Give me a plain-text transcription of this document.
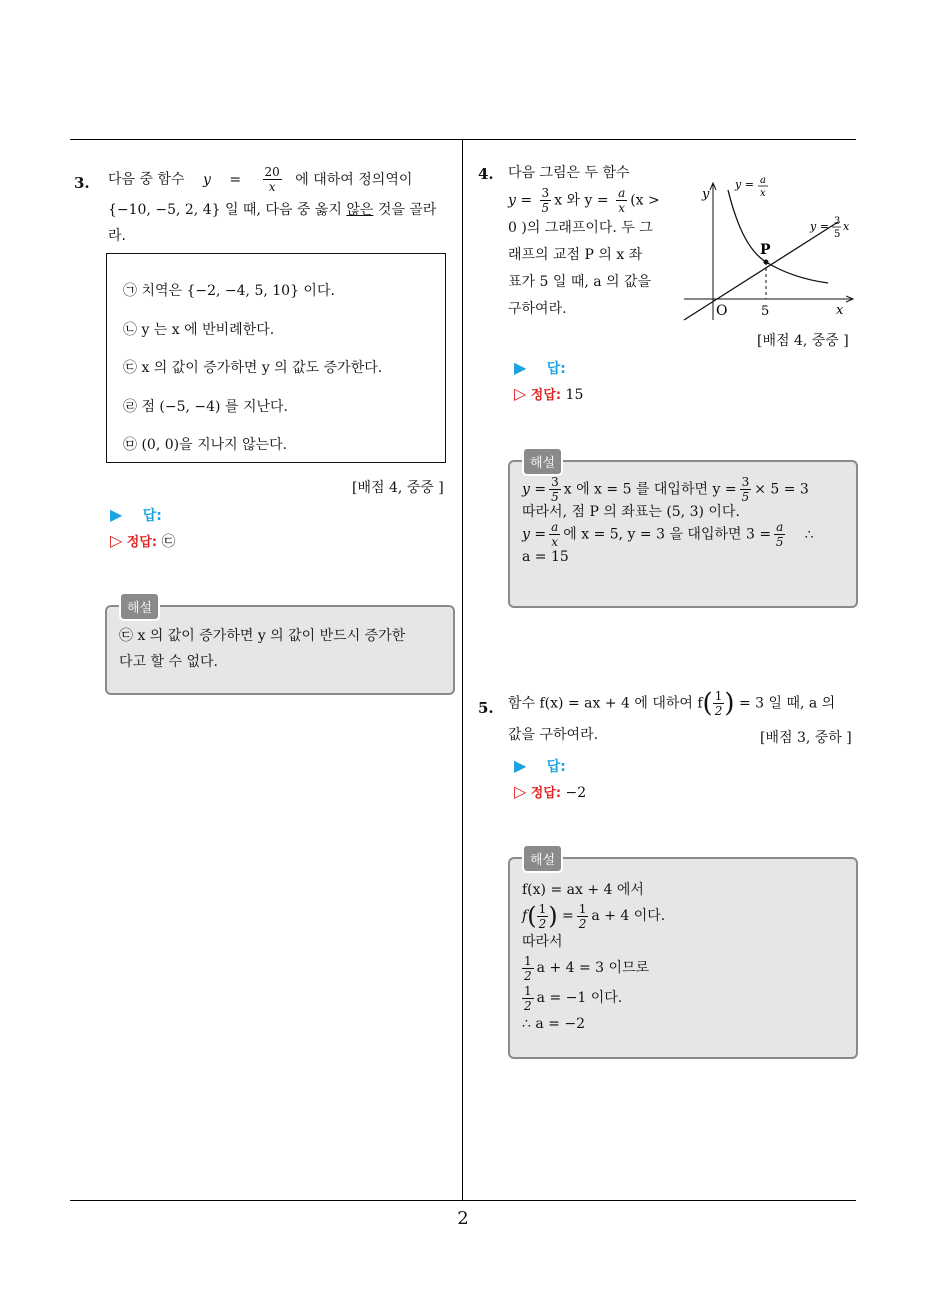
3. 다음 중 함수 $y = \frac{20}{x}$ 에 대하여 정의역이
{−10, −5, 2, 4} 일 때, 다음 중 옳지 않은 것을 골라
라.
㉠ 치역은 {−2, −4, 5, 10} 이다.
㉡ y 는 x 에 반비례한다.
㉢ x 의 값이 증가하면 y 의 값도 증가한다.
㉣ 점 (−5, −4) 를 지난다.
㉤ (0, 0)을 지나지 않는다.
[배점 4, 중중 ]
▶ 답:
▷ 정답: ㉢
해설
㉢ x 의 값이 증가하면 y 의 값이 반드시 증가한
다고 할 수 없다.
4. 다음 그림은 두 함수
$y = \frac{3}{5}$ x 와 $y = \frac{a}{x} (x$ >
0 )의 그래프이다. 두 그
래프의 교점 P 의 x 좌
표가 5 일 때, a 의 값을
구하여라.
y
x
O	5
P
y = a
x
y = 3
5
x
[배점 4, 중중 ]
▶ 답:
▷ 정답: 15
해설
$y = \frac{3}{5}$ x 에 x = 5 를 대입하면 $y = \frac{3}{5} \times 5 = 3$
따라서, 점 P 의 좌표는 (5, 3) 이다.
$y = \frac{a}{x}$ 에 x = 5, y = 3 을 대입하면 $3 = \frac{a}{5}$ ∴
a = 15
5. 함수 f(x) = ax + 4 에 대하여 $f( \frac{1}{2}$ ) = 3 일 때, a 의
값을 구하여라.	[배점 3, 중하 ]
▶ 답:
▷ 정답: −2
해설
f(x) = ax + 4 에서
$f( \frac{1}{2}$ ) = $\frac{1}{2}$ a + 4 이다.
따라서
$\frac{1}{2}$ a + 4 = 3 이므로
$\frac{1}{2}$ a = −1 이다.
∴ a = −2
2
